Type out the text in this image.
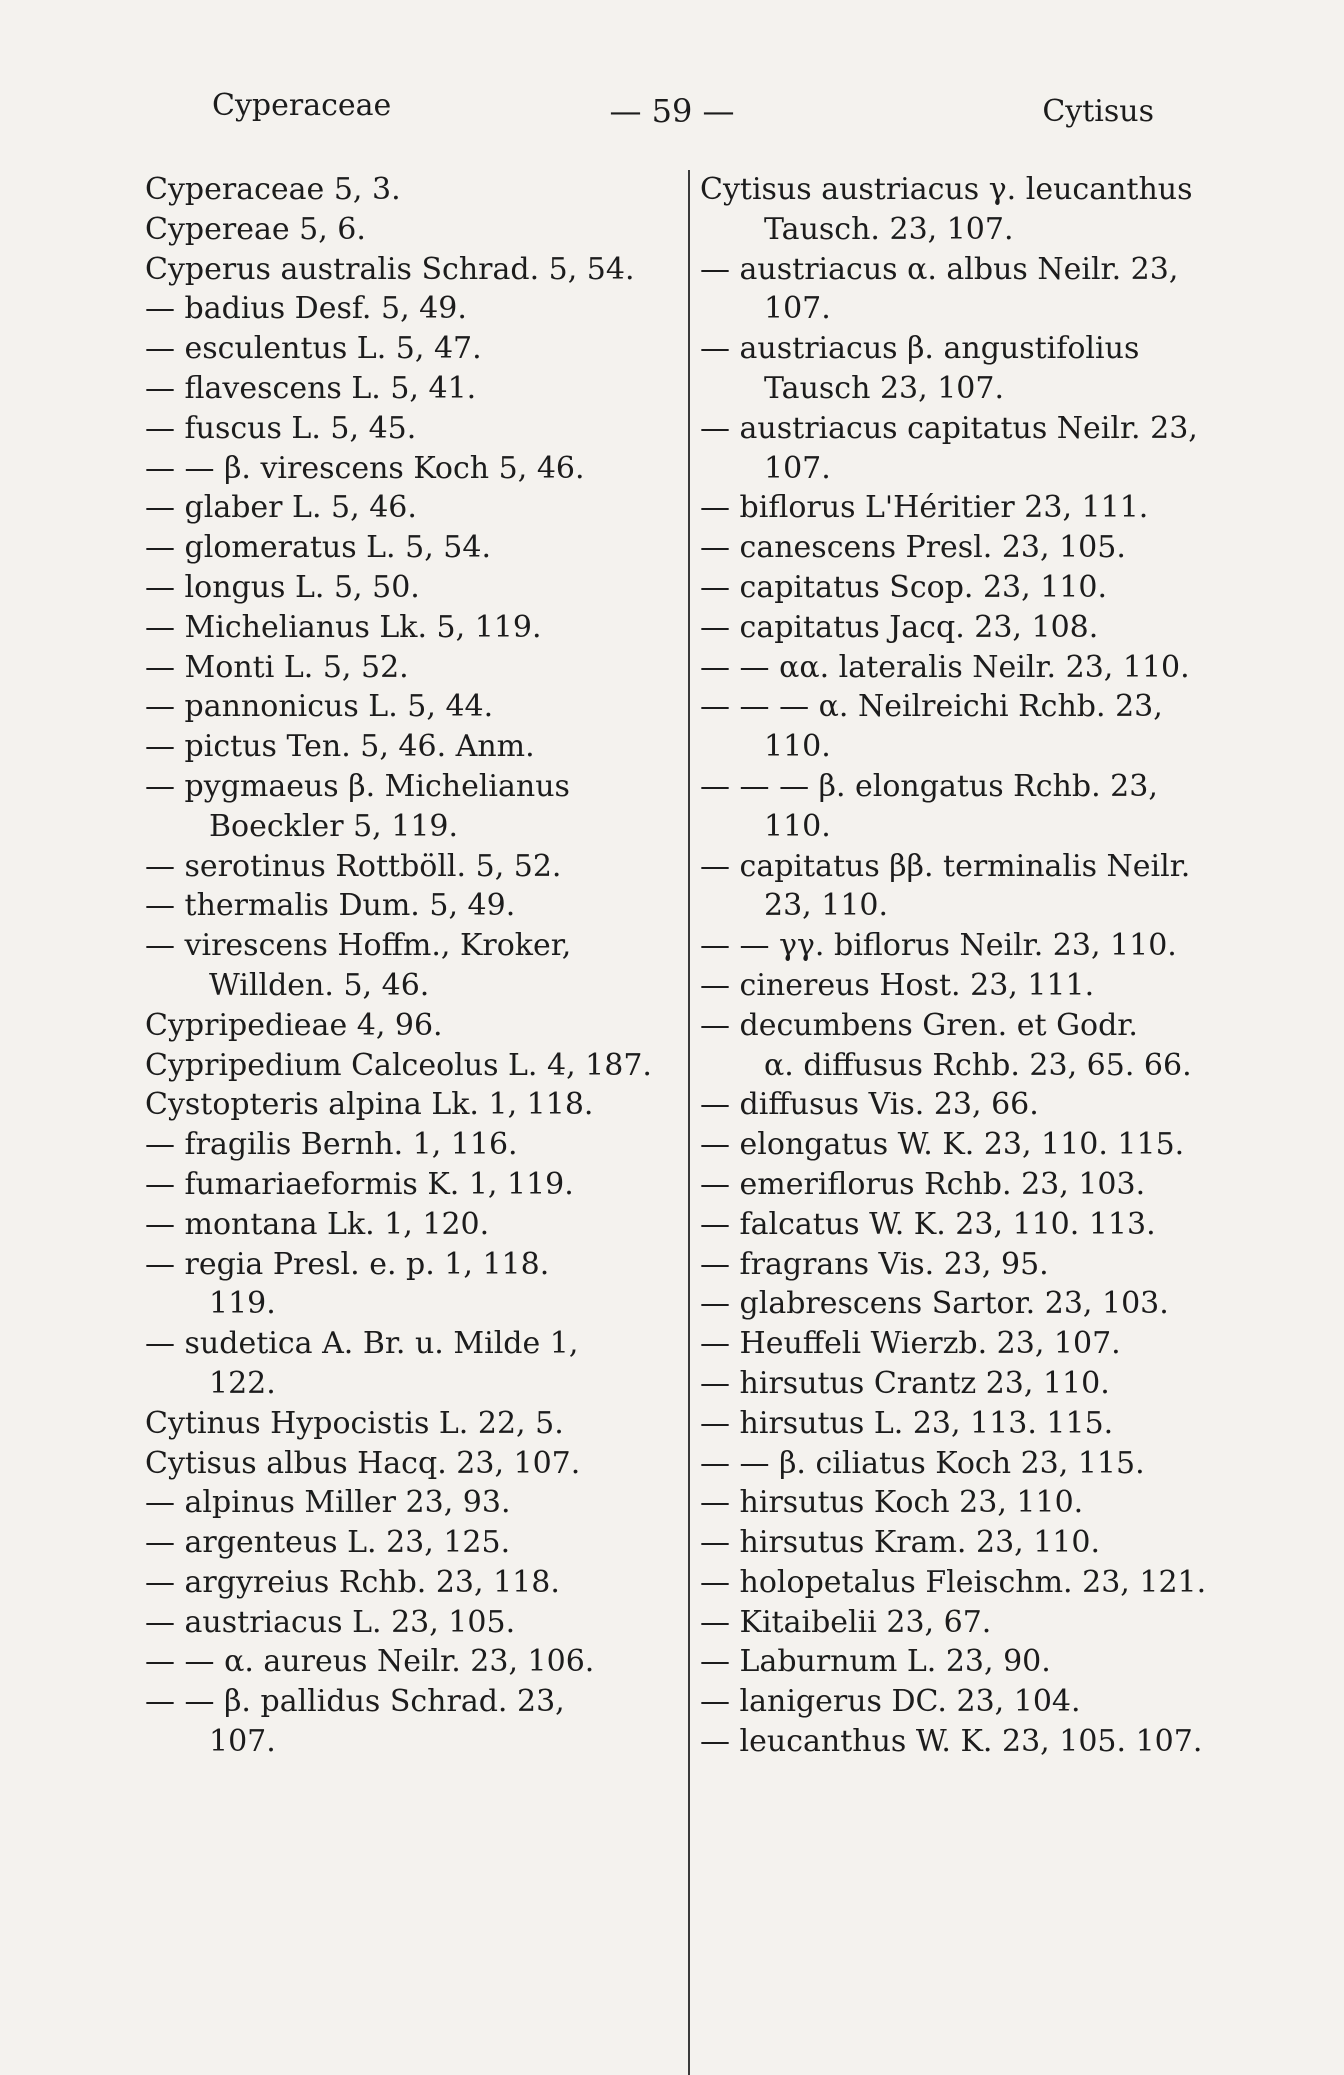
Cyperaceae	— 59 —	Cytisus
Cyperaceae 5, 3.
Cypereae 5, 6.
Cyperus australis Schrad. 5, 54.
— badius Desf. 5, 49.
— esculentus L. 5, 47.
— flavescens L. 5, 41.
— fuscus L. 5, 45.
— — β. virescens Koch 5, 46.
— glaber L. 5, 46.
— glomeratus L. 5, 54.
— longus L. 5, 50.
— Michelianus Lk. 5, 119.
— Monti L. 5, 52.
— pannonicus L. 5, 44.
— pictus Ten. 5, 46. Anm.
— pygmaeus β. Michelianus
Boeckler 5, 119.
— serotinus Rottböll. 5, 52.
— thermalis Dum. 5, 49.
— virescens Hoffm., Kroker,
Willden. 5, 46.
Cypripedieae 4, 96.
Cypripedium Calceolus L. 4, 187.
Cystopteris alpina Lk. 1, 118.
— fragilis Bernh. 1, 116.
— fumariaeformis K. 1, 119.
— montana Lk. 1, 120.
— regia Presl. e. p. 1, 118.
119.
— sudetica A. Br. u. Milde 1,
122.
Cytinus Hypocistis L. 22, 5.
Cytisus albus Hacq. 23, 107.
— alpinus Miller 23, 93.
— argenteus L. 23, 125.
— argyreius Rchb. 23, 118.
— austriacus L. 23, 105.
— — α. aureus Neilr. 23, 106.
— — β. pallidus Schrad. 23,
107.
Cytisus austriacus γ. leucanthus
Tausch. 23, 107.
— austriacus α. albus Neilr. 23,
107.
— austriacus β. angustifolius
Tausch 23, 107.
— austriacus capitatus Neilr. 23,
107.
— biflorus L'Héritier 23, 111.
— canescens Presl. 23, 105.
— capitatus Scop. 23, 110.
— capitatus Jacq. 23, 108.
— — αα. lateralis Neilr. 23, 110.
— — — α. Neilreichi Rchb. 23,
110.
— — — β. elongatus Rchb. 23,
110.
— capitatus ββ. terminalis Neilr.
23, 110.
— — γγ. biflorus Neilr. 23, 110.
— cinereus Host. 23, 111.
— decumbens Gren. et Godr.
α. diffusus Rchb. 23, 65. 66.
— diffusus Vis. 23, 66.
— elongatus W. K. 23, 110. 115.
— emeriflorus Rchb. 23, 103.
— falcatus W. K. 23, 110. 113.
— fragrans Vis. 23, 95.
— glabrescens Sartor. 23, 103.
— Heuffeli Wierzb. 23, 107.
— hirsutus Crantz 23, 110.
— hirsutus L. 23, 113. 115.
— — β. ciliatus Koch 23, 115.
— hirsutus Koch 23, 110.
— hirsutus Kram. 23, 110.
— holopetalus Fleischm. 23, 121.
— Kitaibelii 23, 67.
— Laburnum L. 23, 90.
— lanigerus DC. 23, 104.
— leucanthus W. K. 23, 105. 107.
